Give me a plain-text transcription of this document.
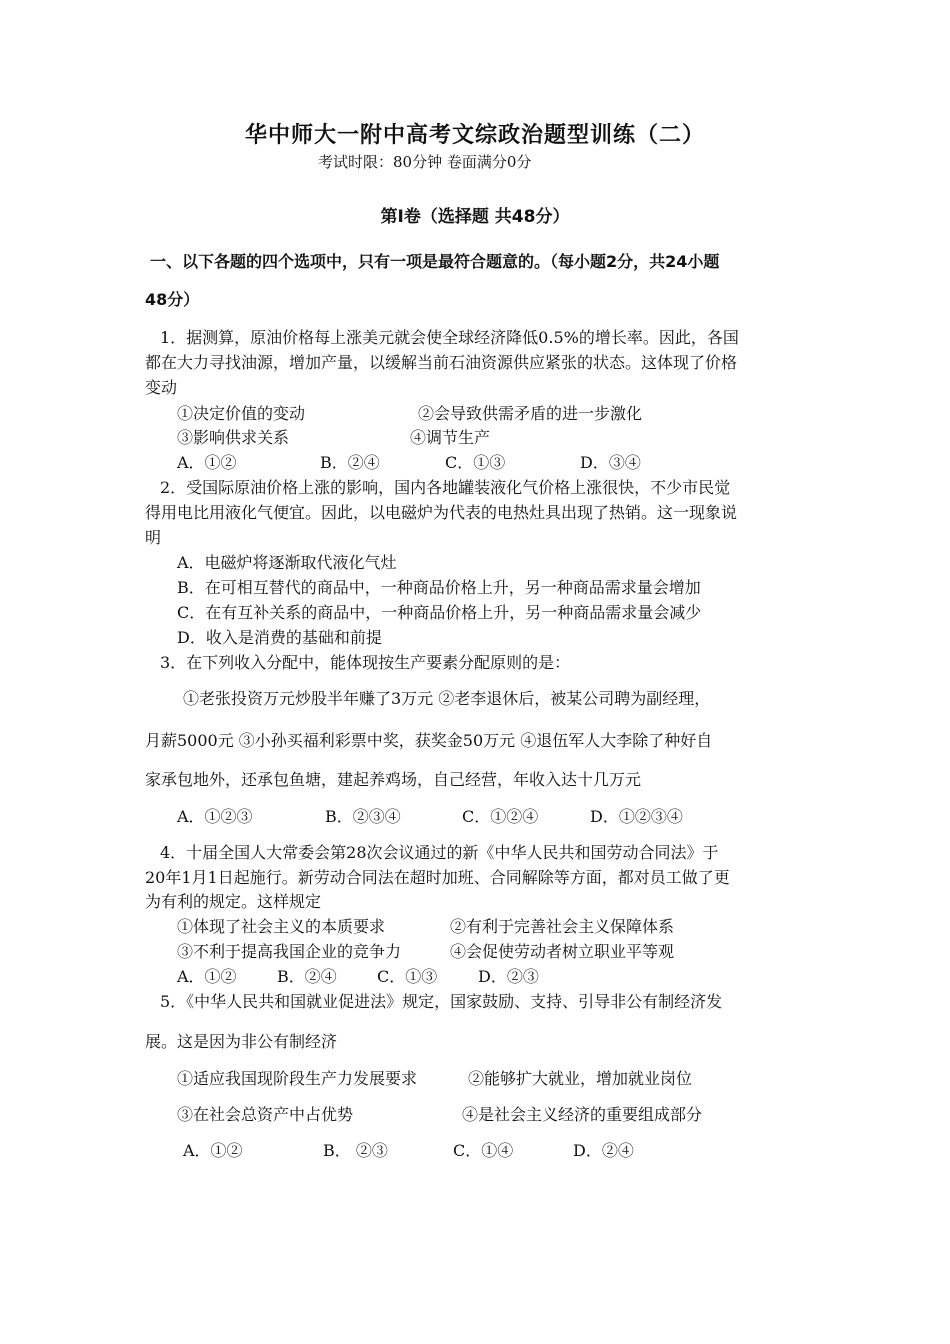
华中师大一附中高考文综政治题型训练（二）
考试时限：80分钟 卷面满分0分
第Ⅰ卷（选择题 共48分）
一、以下各题的四个选项中，只有一项是最符合题意的。（每小题2分，共24小题
48分）
1．据测算，原油价格每上涨美元就会使全球经济降低0.5%的增长率。因此，各国
都在大力寻找油源，增加产量，以缓解当前石油资源供应紧张的状态。这体现了价格
变动
①决定价值的变动	②会导致供需矛盾的进一步激化
③影响供求关系	④调节生产
A．①②	B．②④	C．①③	D．③④
2．受国际原油价格上涨的影响，国内各地罐装液化气价格上涨很快，不少市民觉
得用电比用液化气便宜。因此，以电磁炉为代表的电热灶具出现了热销。这一现象说
明
A．电磁炉将逐渐取代液化气灶
B．在可相互替代的商品中，一种商品价格上升，另一种商品需求量会增加
C．在有互补关系的商品中，一种商品价格上升，另一种商品需求量会减少
D．收入是消费的基础和前提
3．在下列收入分配中，能体现按生产要素分配原则的是：
①老张投资万元炒股半年赚了3万元 ②老李退休后，被某公司聘为副经理，
月薪5000元 ③小孙买福利彩票中奖，获奖金50万元 ④退伍军人大李除了种好自
家承包地外，还承包鱼塘，建起养鸡场，自己经营，年收入达十几万元
A．①②③	B．②③④	C．①②④	D．①②③④
4．十届全国人大常委会第28次会议通过的新《中华人民共和国劳动合同法》于
20年1月1日起施行。新劳动合同法在超时加班、合同解除等方面，都对员工做了更
为有利的规定。这样规定
①体现了社会主义的本质要求	②有利于完善社会主义保障体系
③不利于提高我国企业的竞争力	④会促使劳动者树立职业平等观
A．①②	B．②④	C．①③	D．②③
5．《中华人民共和国就业促进法》规定，国家鼓励、支持、引导非公有制经济发
展。这是因为非公有制经济
①适应我国现阶段生产力发展要求	②能够扩大就业，增加就业岗位
③在社会总资产中占优势	④是社会主义经济的重要组成部分
A．①②	B． ②③	C．①④	D．②④
